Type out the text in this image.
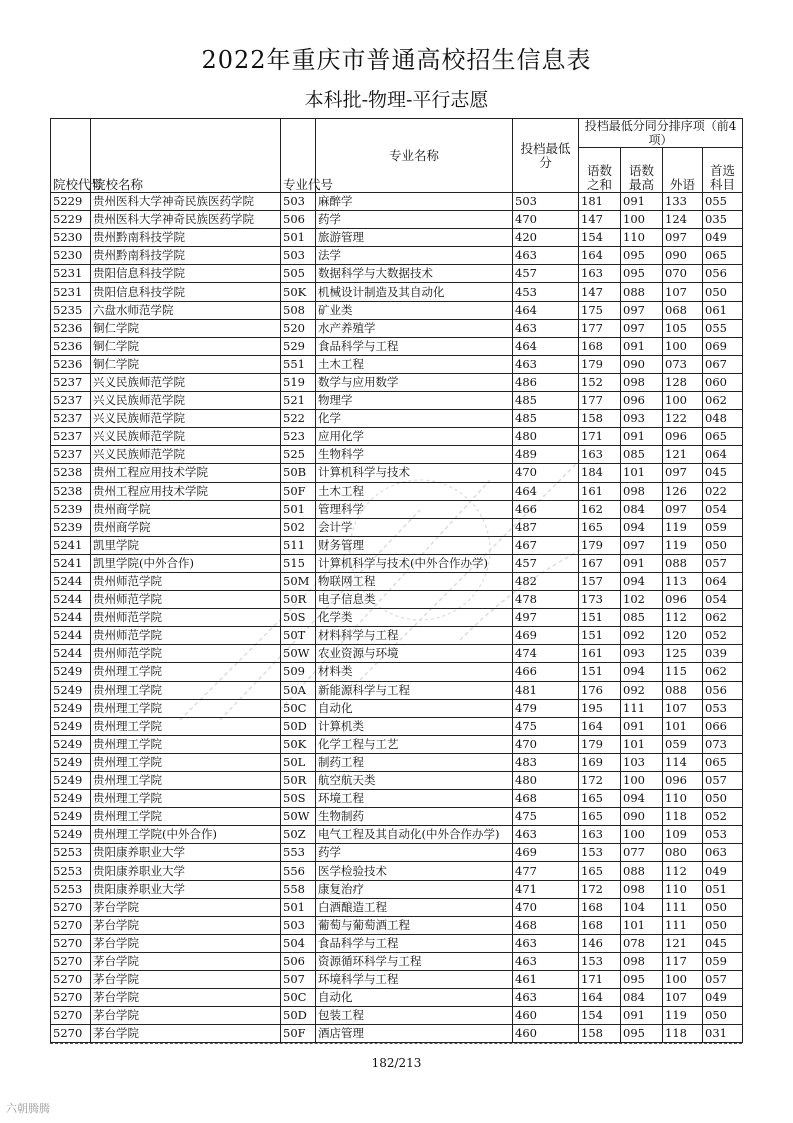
2022年重庆市普通高校招生信息表
本科批-物理-平行志愿
院校代号	院校名称	专业代号	专业名称	投档最低分	投档最低分同分排序项（前4项）			
					语数之和	语数最高	外语	首选科目
5229	贵州医科大学神奇民族医药学院	503	麻醉学	503	181	091	133	055
5229	贵州医科大学神奇民族医药学院	506	药学	470	147	100	124	035
5230	贵州黔南科技学院	501	旅游管理	420	154	110	097	049
5230	贵州黔南科技学院	503	法学	463	164	095	090	065
5231	贵阳信息科技学院	505	数据科学与大数据技术	457	163	095	070	056
5231	贵阳信息科技学院	50K	机械设计制造及其自动化	453	147	088	107	050
5235	六盘水师范学院	508	矿业类	464	175	097	068	061
5236	铜仁学院	520	水产养殖学	463	177	097	105	055
5236	铜仁学院	529	食品科学与工程	464	168	091	100	069
5236	铜仁学院	551	土木工程	463	179	090	073	067
5237	兴义民族师范学院	519	数学与应用数学	486	152	098	128	060
5237	兴义民族师范学院	521	物理学	485	177	096	100	062
5237	兴义民族师范学院	522	化学	485	158	093	122	048
5237	兴义民族师范学院	523	应用化学	480	171	091	096	065
5237	兴义民族师范学院	525	生物科学	489	163	085	121	064
5238	贵州工程应用技术学院	50B	计算机科学与技术	470	184	101	097	045
5238	贵州工程应用技术学院	50F	土木工程	464	161	098	126	022
5239	贵州商学院	501	管理科学	466	162	084	097	054
5239	贵州商学院	502	会计学	487	165	094	119	059
5241	凯里学院	511	财务管理	467	179	097	119	050
5241	凯里学院(中外合作)	515	计算机科学与技术(中外合作办学)	457	167	091	088	057
5244	贵州师范学院	50M	物联网工程	482	157	094	113	064
5244	贵州师范学院	50R	电子信息类	478	173	102	096	054
5244	贵州师范学院	50S	化学类	497	151	085	112	062
5244	贵州师范学院	50T	材料科学与工程	469	151	092	120	052
5244	贵州师范学院	50W	农业资源与环境	474	161	093	125	039
5249	贵州理工学院	509	材料类	466	151	094	115	062
5249	贵州理工学院	50A	新能源科学与工程	481	176	092	088	056
5249	贵州理工学院	50C	自动化	479	195	111	107	053
5249	贵州理工学院	50D	计算机类	475	164	091	101	066
5249	贵州理工学院	50K	化学工程与工艺	470	179	101	059	073
5249	贵州理工学院	50L	制药工程	483	169	103	114	065
5249	贵州理工学院	50R	航空航天类	480	172	100	096	057
5249	贵州理工学院	50S	环境工程	468	165	094	110	050
5249	贵州理工学院	50W	生物制药	475	165	090	118	052
5249	贵州理工学院(中外合作)	50Z	电气工程及其自动化(中外合作办学)	463	163	100	109	053
5253	贵阳康养职业大学	553	药学	469	153	077	080	063
5253	贵阳康养职业大学	556	医学检验技术	477	165	088	112	049
5253	贵阳康养职业大学	558	康复治疗	471	172	098	110	051
5270	茅台学院	501	白酒酿造工程	470	168	104	111	050
5270	茅台学院	503	葡萄与葡萄酒工程	468	168	101	111	050
5270	茅台学院	504	食品科学与工程	463	146	078	121	045
5270	茅台学院	506	资源循环科学与工程	463	153	098	117	059
5270	茅台学院	507	环境科学与工程	461	171	095	100	057
5270	茅台学院	50C	自动化	463	164	084	107	049
5270	茅台学院	50D	包装工程	460	154	091	119	050
5270	茅台学院	50F	酒店管理	460	158	095	118	031
182/213
六朝腾腾
